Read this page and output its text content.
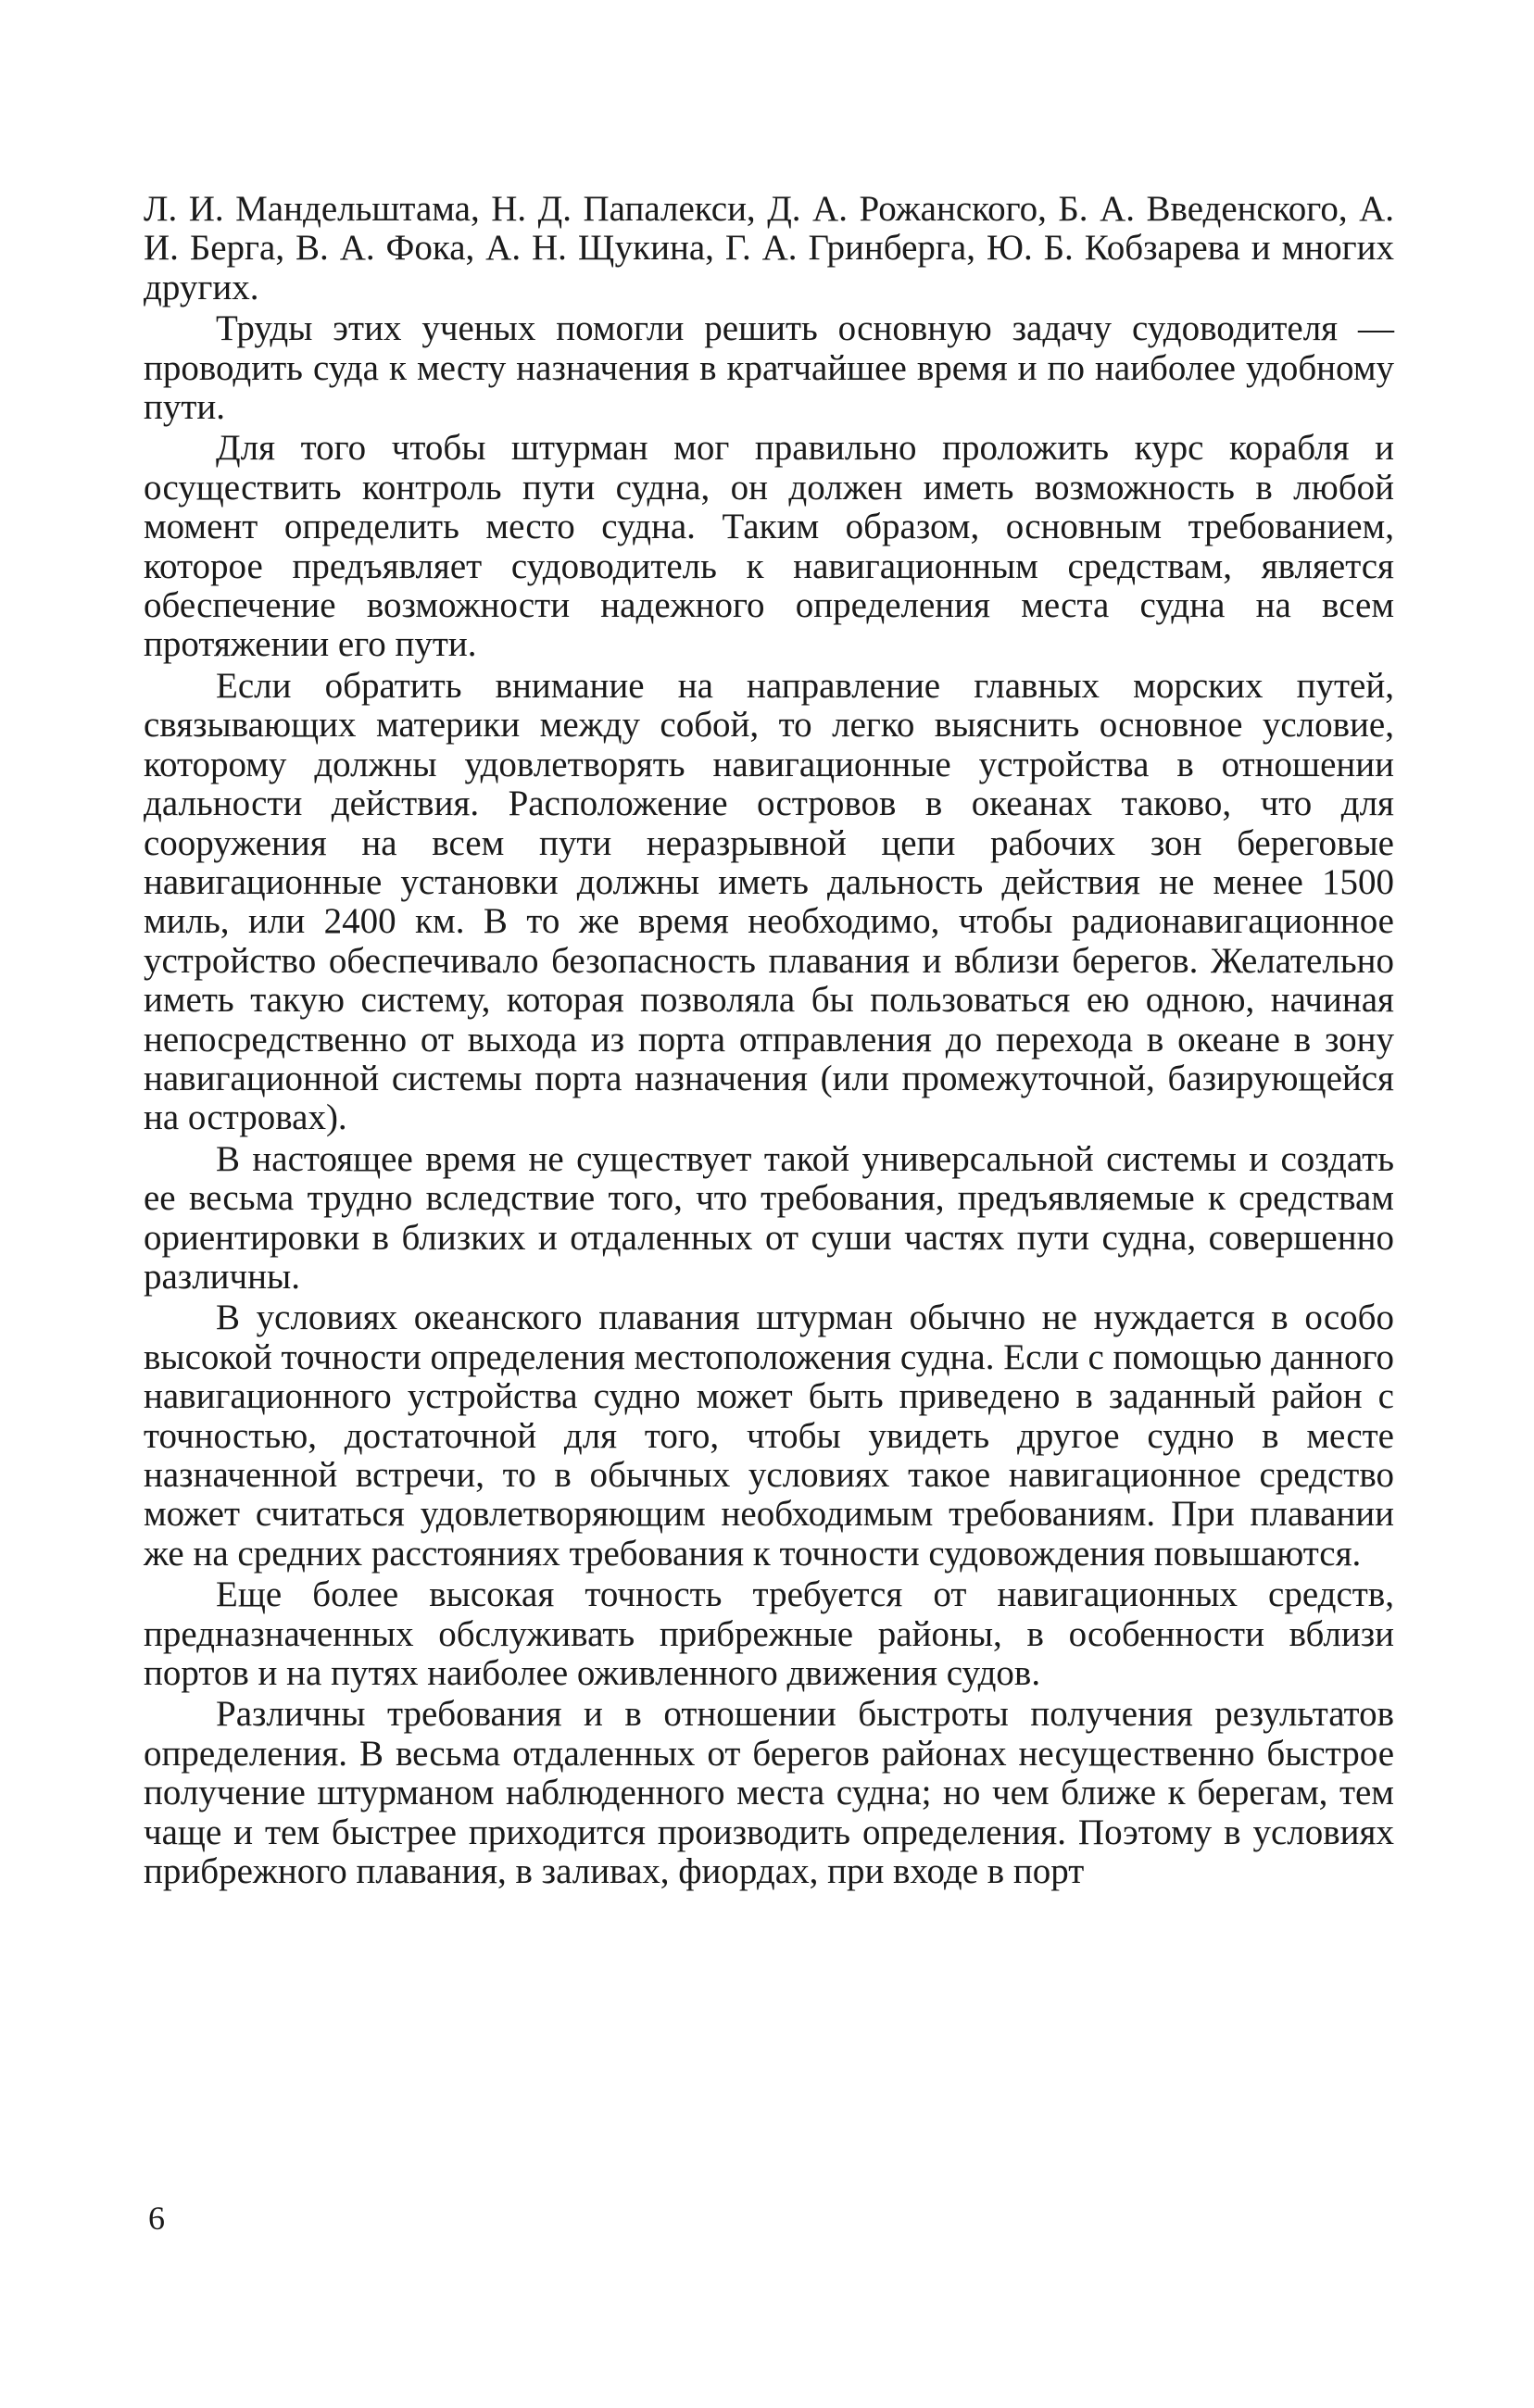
Л. И. Мандельштама, Н. Д. Папалекси, Д. А. Рожанского, Б. А. Введенского, А. И. Берга, В. А. Фока, А. Н. Щукина, Г. А. Гринберга, Ю. Б. Кобзарева и многих других.

Труды этих ученых помогли решить основную задачу судоводителя — проводить суда к месту назначения в кратчайшее время и по наиболее удобному пути.

Для того чтобы штурман мог правильно проложить курс корабля и осуществить контроль пути судна, он должен иметь возможность в любой момент определить место судна. Таким образом, основным требованием, которое предъявляет судоводитель к навигационным средствам, является обеспечение возможности надежного определения места судна на всем протяжении его пути.

Если обратить внимание на направление главных морских путей, связывающих материки между собой, то легко выяснить основное условие, которому должны удовлетворять навигационные устройства в отношении дальности действия. Расположение островов в океанах таково, что для сооружения на всем пути неразрывной цепи рабочих зон береговые навигационные установки должны иметь дальность действия не менее 1500 миль, или 2400 км. В то же время необходимо, чтобы радионавигационное устройство обеспечивало безопасность плавания и вблизи берегов. Желательно иметь такую систему, которая позволяла бы пользоваться ею одною, начиная непосредственно от выхода из порта отправления до перехода в океане в зону навигационной системы порта назначения (или промежуточной, базирующейся на островах).

В настоящее время не существует такой универсальной системы и создать ее весьма трудно вследствие того, что требования, предъявляемые к средствам ориентировки в близких и отдаленных от суши частях пути судна, совершенно различны.

В условиях океанского плавания штурман обычно не нуждается в особо высокой точности определения местоположения судна. Если с помощью данного навигационного устройства судно может быть приведено в заданный район с точностью, достаточной для того, чтобы увидеть другое судно в месте назначенной встречи, то в обычных условиях такое навигационное средство может считаться удовлетворяющим необходимым требованиям. При плавании же на средних расстояниях требования к точности судовождения повышаются.

Еще более высокая точность требуется от навигационных средств, предназначенных обслуживать прибрежные районы, в особенности вблизи портов и на путях наиболее оживленного движения судов.

Различны требования и в отношении быстроты получения результатов определения. В весьма отдаленных от берегов районах несущественно быстрое получение штурманом наблюденного места судна; но чем ближе к берегам, тем чаще и тем быстрее приходится производить определения. Поэтому в условиях прибрежного плавания, в заливах, фиордах, при входе в порт

6
